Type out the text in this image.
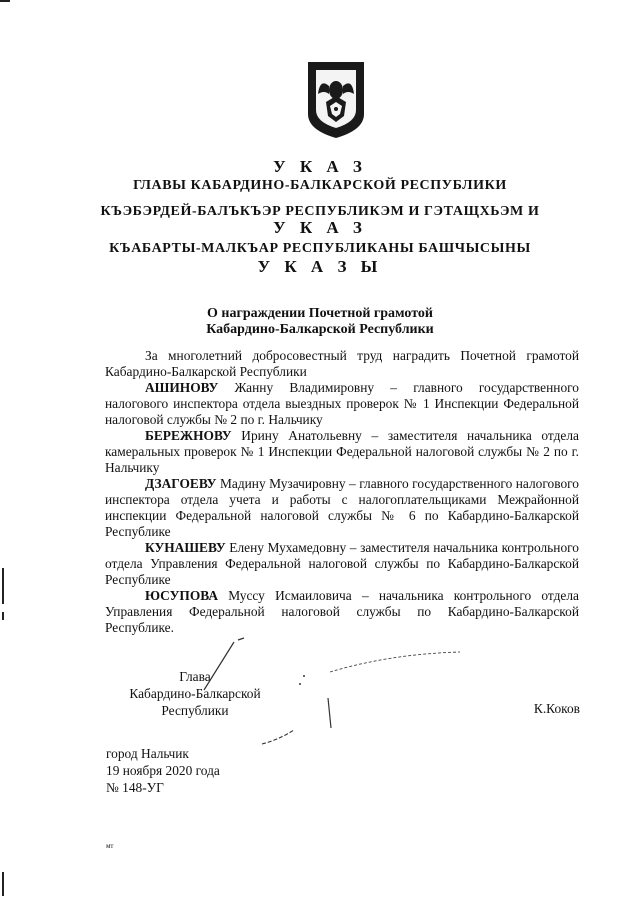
У К А З
ГЛАВЫ КАБАРДИНО-БАЛКАРСКОЙ РЕСПУБЛИКИ
КЪЭБЭРДЕЙ-БАЛЪКЪЭР РЕСПУБЛИКЭМ И ГЭТАЩХЬЭМ И
У К А З
КЪАБАРТЫ-МАЛКЪАР РЕСПУБЛИКАНЫ БАШЧЫСЫНЫ
У К А З Ы
О награждении Почетной грамотой
Кабардино-Балкарской Республики

За многолетний добросовестный труд наградить Почетной грамотой Кабардино-Балкарской Республики

АШИНОВУ Жанну Владимировну – главного государственного налогового инспектора отдела выездных проверок № 1 Инспекции Федеральной налоговой службы № 2 по г. Нальчику

БЕРЕЖНОВУ Ирину Анатольевну – заместителя начальника отдела камеральных проверок № 1 Инспекции Федеральной налоговой службы № 2 по г. Нальчику

ДЗАГОЕВУ Мадину Музачировну – главного государственного налогового инспектора отдела учета и работы с налогоплательщиками Межрайонной инспекции Федеральной налоговой службы № 6 по Кабардино-Балкарской Республике

КУНАШЕВУ Елену Мухамедовну – заместителя начальника контрольного отдела Управления Федеральной налоговой службы по Кабардино-Балкарской Республике

ЮСУПОВА Муссу Исмаиловича – начальника контрольного отдела Управления Федеральной налоговой службы по Кабардино-Балкарской Республике.

Глава
Кабардино-Балкарской
Республики	К.Коков
город Нальчик
19 ноября 2020 года
№ 148-УГ
мт
